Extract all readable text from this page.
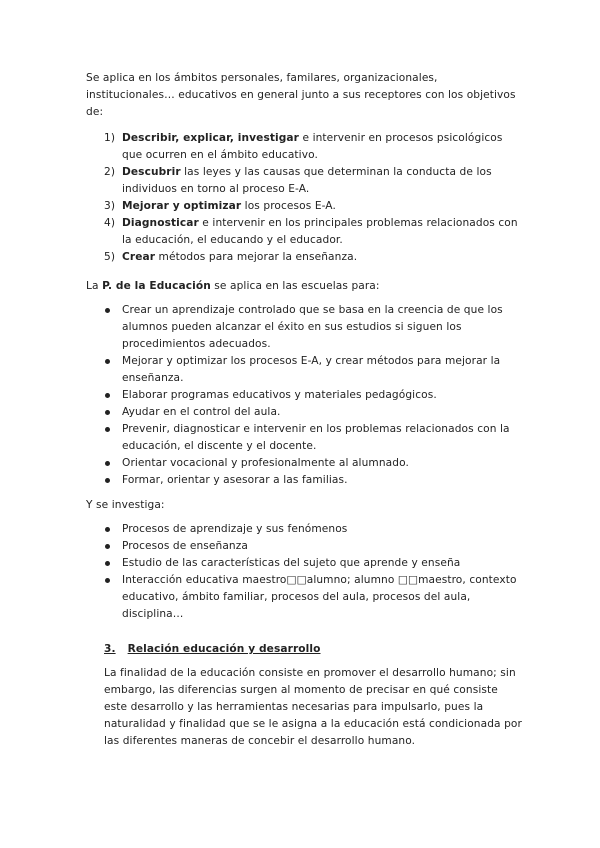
Se aplica en los ámbitos personales, familares, organizacionales, institucionales… educativos en general junto a sus receptores con los objetivos de:

1) Describir, explicar, investigar e intervenir en procesos psicológicos que ocurren en el ámbito educativo.
2) Descubrir las leyes y las causas que determinan la conducta de los individuos en torno al proceso E-A.
3) Mejorar y optimizar los procesos E-A.
4) Diagnosticar e intervenir en los principales problemas relacionados con la educación, el educando y el educador.
5) Crear métodos para mejorar la enseñanza.

La P. de la Educación se aplica en las escuelas para:

Crear un aprendizaje controlado que se basa en la creencia de que los alumnos pueden alcanzar el éxito en sus estudios si siguen los procedimientos adecuados.
Mejorar y optimizar los procesos E-A, y crear métodos para mejorar la enseñanza.
Elaborar programas educativos y materiales pedagógicos.
Ayudar en el control del aula.
Prevenir, diagnosticar e intervenir en los problemas relacionados con la educación, el discente y el docente.
Orientar vocacional y profesionalmente al alumnado.
Formar, orientar y asesorar a las familias.

Y se investiga:

Procesos de aprendizaje y sus fenómenos
Procesos de enseñanza
Estudio de las características del sujeto que aprende y enseña
Interacción educativa maestro□□alumno; alumno □□maestro, contexto educativo, ámbito familiar, procesos del aula, procesos del aula, disciplina…

3. Relación educación y desarrollo

La finalidad de la educación consiste en promover el desarrollo humano; sin embargo, las diferencias surgen al momento de precisar en qué consiste este desarrollo y las herramientas necesarias para impulsarlo, pues la naturalidad y finalidad que se le asigna a la educación está condicionada por las diferentes maneras de concebir el desarrollo humano.
